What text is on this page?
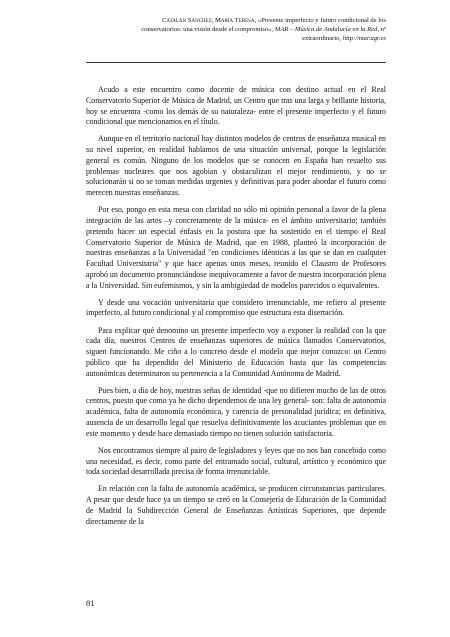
Catalán Sánchez, María Teresa, «Presente imperfecto y futuro condicional de los
conservatorios: una visión desde el compromiso», MAR – Música de Andalucía en la Red, nº
extraordinario, http://mar.ugr.es

Acudo a este encuentro como docente de música con destino actual en el Real Conservatorio Superior de Música de Madrid, un Centro que tras una larga y brillante historia, hoy se encuentra -como los demás de su naturaleza- entre el presente imperfecto y el futuro condicional que mencionamos en el título.

Aunque en el territorio nacional hay distintos modelos de centros de enseñanza musical en su nivel superior, en realidad hablamos de una situación universal, porque la legislación general es común. Ninguno de los modelos que se conocen en España han resuelto sus problemas nucleares que nos agobian y obstaculizan el mejor rendimiento, y no se solucionarán si no se toman medidas urgentes y definitivas para poder abordar el futuro como merecen nuestras enseñanzas.

Por eso, pongo en esta mesa con claridad no sólo mi opinión personal a favor de la plena integración de las artes –y concretamente de la música- en el ámbito universitario; también pretendo hacer un especial énfasis en la postura que ha sostenido en el tiempo el Real Conservatorio Superior de Música de Madrid, que en 1988, planteó la incorporación de nuestras enseñanzas a la Universidad "en condiciones idénticas a las que se dan en cualquier Facultad Universitaria" y que hace apenas unos meses, reunido el Claustro de Profesores aprobó un documento pronunciándose inequívocamente a favor de nuestra incorporación plena a la Universidad. Sin eufemismos, y sin la ambigüedad de modelos parecidos o equivalentes.

Y desde una vocación universitaria que considero irrenunciable, me refiero al presente imperfecto, al futuro condicional y al compromiso que estructura esta disertación.

Para explicar qué denomino un presente imperfecto voy a exponer la realidad con la que cada día, nuestros Centros de enseñanzas superiores de música llamados Conservatorios, siguen funcionando. Me ciño a lo concreto desde el modelo que mejor conozco: un Centro público que ha dependido del Ministerio de Educación hasta que las competencias autonómicas determinaron su pertenencia a la Comunidad Autónoma de Madrid.

Pues bien, a día de hoy, nuestras señas de identidad -que no difieren mucho de las de otros centros, puesto que como ya he dicho dependemos de una ley general- son: falta de autonomía académica, falta de autonomía económica, y carencia de personalidad jurídica; en definitiva, ausencia de un desarrollo legal que resuelva definitivamente los acuciantes problemas que en este momento y desde hace demasiado tiempo no tienen solución satisfactoria.

Nos encontramos siempre al pairo de legisladores y leyes que no nos han concebido como una necesidad, es decir, como parte del entramado social, cultural, artístico y económico que toda sociedad desarrollada precisa de forma irrenunciable.

En relación con la falta de autonomía académica, se producen circunstancias particulares. A pesar que desde hace ya un tiempo se creó en la Consejería de Educación de la Comunidad de Madrid la Subdirección General de Enseñanzas Artísticas Superiores, que depende directamente de la

81
